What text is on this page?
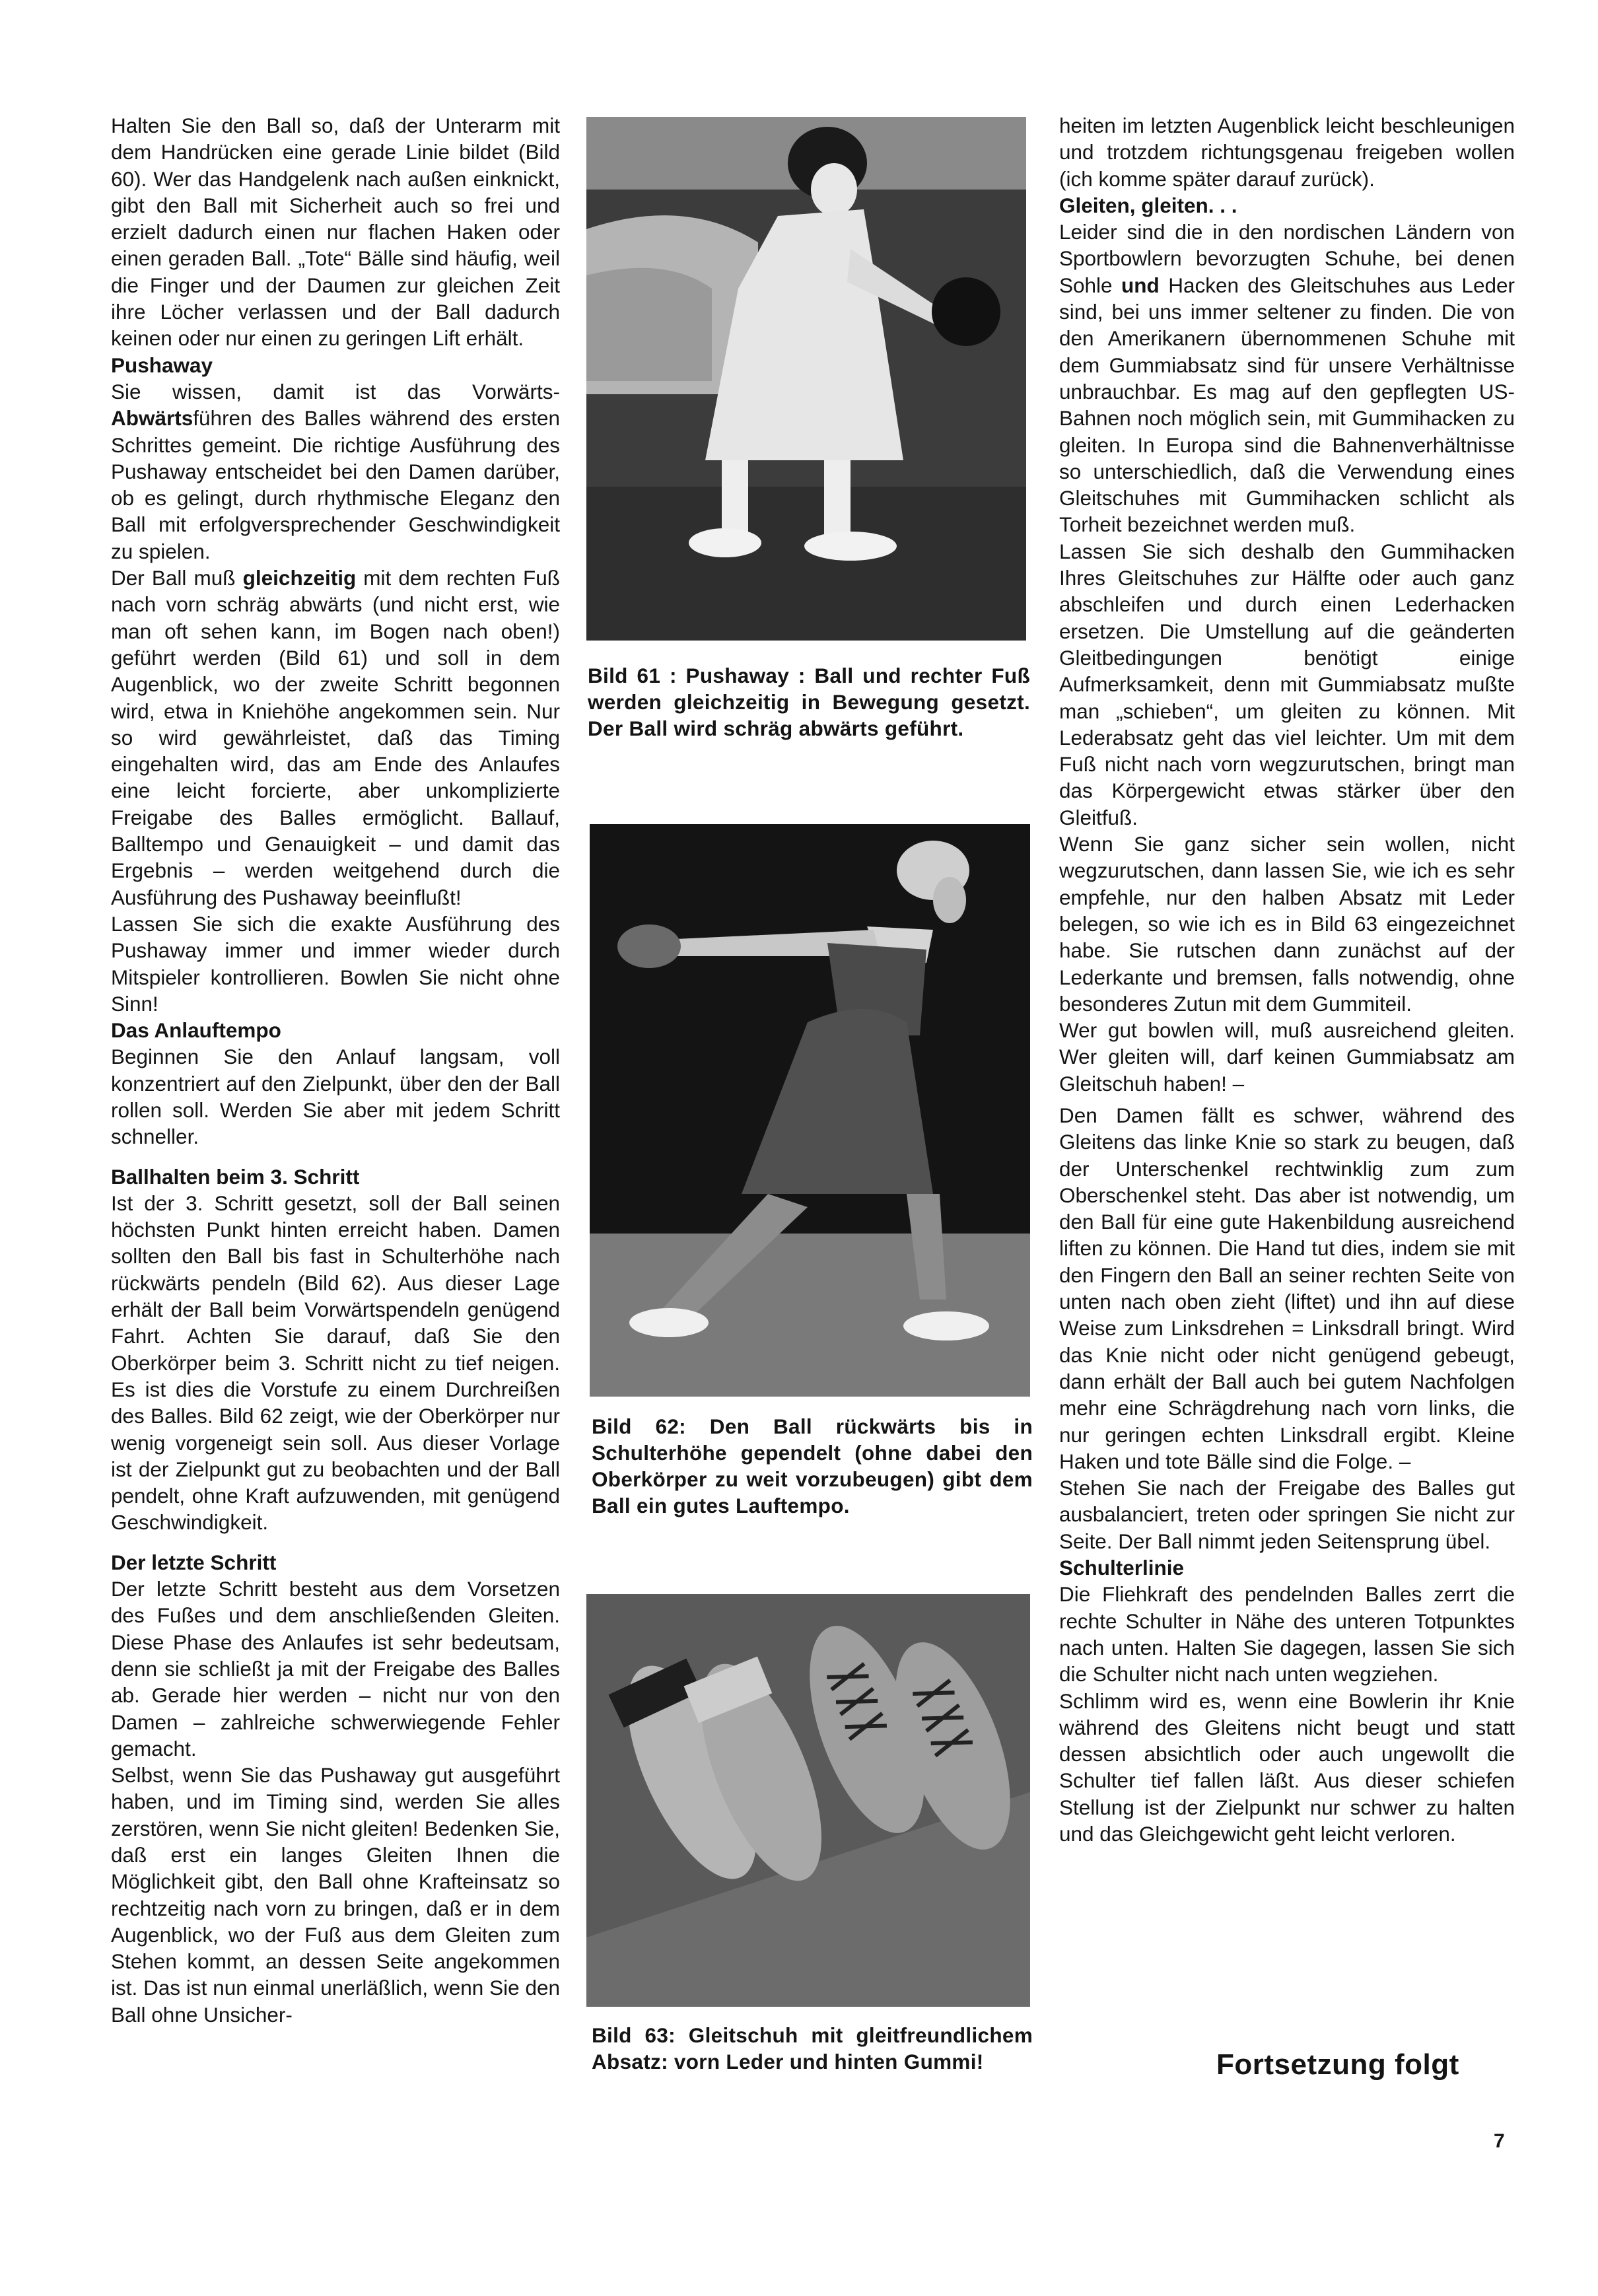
Halten Sie den Ball so, daß der Unterarm mit dem Handrücken eine gerade Linie bildet (Bild 60). Wer das Handgelenk nach außen einknickt, gibt den Ball mit Sicherheit auch so frei und erzielt dadurch einen nur flachen Haken oder einen geraden Ball. „Tote“ Bälle sind häufig, weil die Finger und der Daumen zur gleichen Zeit ihre Löcher verlassen und der Ball dadurch keinen oder nur einen zu geringen Lift erhält.

Pushaway

Sie wissen, damit ist das Vorwärts-Abwärtsführen des Balles während des ersten Schrittes gemeint. Die richtige Ausführung des Pushaway entscheidet bei den Damen darüber, ob es gelingt, durch rhythmische Eleganz den Ball mit erfolgversprechender Geschwindigkeit zu spielen.

Der Ball muß gleichzeitig mit dem rechten Fuß nach vorn schräg abwärts (und nicht erst, wie man oft sehen kann, im Bogen nach oben!) geführt werden (Bild 61) und soll in dem Augenblick, wo der zweite Schritt begonnen wird, etwa in Kniehöhe angekommen sein. Nur so wird gewährleistet, daß das Timing eingehalten wird, das am Ende des Anlaufes eine leicht forcierte, aber unkomplizierte Freigabe des Balles ermöglicht. Ballauf, Balltempo und Genauigkeit – und damit das Ergebnis – werden weitgehend durch die Ausführung des Pushaway beeinflußt!

Lassen Sie sich die exakte Ausführung des Pushaway immer und immer wieder durch Mitspieler kontrollieren. Bowlen Sie nicht ohne Sinn!

Das Anlauftempo

Beginnen Sie den Anlauf langsam, voll konzentriert auf den Zielpunkt, über den der Ball rollen soll. Werden Sie aber mit jedem Schritt schneller.

Ballhalten beim 3. Schritt

Ist der 3. Schritt gesetzt, soll der Ball seinen höchsten Punkt hinten erreicht haben. Damen sollten den Ball bis fast in Schulterhöhe nach rückwärts pendeln (Bild 62). Aus dieser Lage erhält der Ball beim Vorwärtspendeln genügend Fahrt. Achten Sie darauf, daß Sie den Oberkörper beim 3. Schritt nicht zu tief neigen. Es ist dies die Vorstufe zu einem Durchreißen des Balles. Bild 62 zeigt, wie der Oberkörper nur wenig vorgeneigt sein soll. Aus dieser Vorlage ist der Zielpunkt gut zu beobachten und der Ball pendelt, ohne Kraft aufzuwenden, mit genügend Geschwindigkeit.

Der letzte Schritt

Der letzte Schritt besteht aus dem Vorsetzen des Fußes und dem anschließenden Gleiten. Diese Phase des Anlaufes ist sehr bedeutsam, denn sie schließt ja mit der Freigabe des Balles ab. Gerade hier werden – nicht nur von den Damen – zahlreiche schwerwiegende Fehler gemacht.

Selbst, wenn Sie das Pushaway gut ausgeführt haben, und im Timing sind, werden Sie alles zerstören, wenn Sie nicht gleiten! Bedenken Sie, daß erst ein langes Gleiten Ihnen die Möglichkeit gibt, den Ball ohne Krafteinsatz so rechtzeitig nach vorn zu bringen, daß er in dem Augenblick, wo der Fuß aus dem Gleiten zum Stehen kommt, an dessen Seite angekommen ist. Das ist nun einmal unerläßlich, wenn Sie den Ball ohne Unsicher-

Bild 61 : Pushaway : Ball und rechter Fuß werden gleichzeitig in Bewegung gesetzt. Der Ball wird schräg abwärts geführt.
Bild 62: Den Ball rückwärts bis in Schulterhöhe gependelt (ohne dabei den Oberkörper zu weit vorzubeugen) gibt dem Ball ein gutes Lauftempo.
Bild 63: Gleitschuh mit gleitfreundlichem Absatz: vorn Leder und hinten Gummi!

heiten im letzten Augenblick leicht beschleunigen und trotzdem richtungsgenau freigeben wollen (ich komme später darauf zurück).

Gleiten, gleiten. . .

Leider sind die in den nordischen Ländern von Sportbowlern bevorzugten Schuhe, bei denen Sohle und Hacken des Gleitschuhes aus Leder sind, bei uns immer seltener zu finden. Die von den Amerikanern übernommenen Schuhe mit dem Gummiabsatz sind für unsere Verhältnisse unbrauchbar. Es mag auf den gepflegten US-Bahnen noch möglich sein, mit Gummihacken zu gleiten. In Europa sind die Bahnenverhältnisse so unterschiedlich, daß die Verwendung eines Gleitschuhes mit Gummihacken schlicht als Torheit bezeichnet werden muß.

Lassen Sie sich deshalb den Gummihacken Ihres Gleitschuhes zur Hälfte oder auch ganz abschleifen und durch einen Lederhacken ersetzen. Die Umstellung auf die geänderten Gleitbedingungen benötigt einige Aufmerksamkeit, denn mit Gummiabsatz mußte man „schieben“, um gleiten zu können. Mit Lederabsatz geht das viel leichter. Um mit dem Fuß nicht nach vorn wegzurutschen, bringt man das Körpergewicht etwas stärker über den Gleitfuß.

Wenn Sie ganz sicher sein wollen, nicht wegzurutschen, dann lassen Sie, wie ich es sehr empfehle, nur den halben Absatz mit Leder belegen, so wie ich es in Bild 63 eingezeichnet habe. Sie rutschen dann zunächst auf der Lederkante und bremsen, falls notwendig, ohne besonderes Zutun mit dem Gummiteil.

Wer gut bowlen will, muß ausreichend gleiten. Wer gleiten will, darf keinen Gummiabsatz am Gleitschuh haben! –

Den Damen fällt es schwer, während des Gleitens das linke Knie so stark zu beugen, daß der Unterschenkel rechtwinklig zum zum Oberschenkel steht. Das aber ist notwendig, um den Ball für eine gute Hakenbildung ausreichend liften zu können. Die Hand tut dies, indem sie mit den Fingern den Ball an seiner rechten Seite von unten nach oben zieht (liftet) und ihn auf diese Weise zum Linksdrehen = Linksdrall bringt. Wird das Knie nicht oder nicht genügend gebeugt, dann erhält der Ball auch bei gutem Nachfolgen mehr eine Schrägdrehung nach vorn links, die nur geringen echten Linksdrall ergibt. Kleine Haken und tote Bälle sind die Folge. –

Stehen Sie nach der Freigabe des Balles gut ausbalanciert, treten oder springen Sie nicht zur Seite. Der Ball nimmt jeden Seitensprung übel.

Schulterlinie

Die Fliehkraft des pendelnden Balles zerrt die rechte Schulter in Nähe des unteren Totpunktes nach unten. Halten Sie dagegen, lassen Sie sich die Schulter nicht nach unten wegziehen.

Schlimm wird es, wenn eine Bowlerin ihr Knie während des Gleitens nicht beugt und statt dessen absichtlich oder auch ungewollt die Schulter tief fallen läßt. Aus dieser schiefen Stellung ist der Zielpunkt nur schwer zu halten und das Gleichgewicht geht leicht verloren.

Fortsetzung folgt
7
